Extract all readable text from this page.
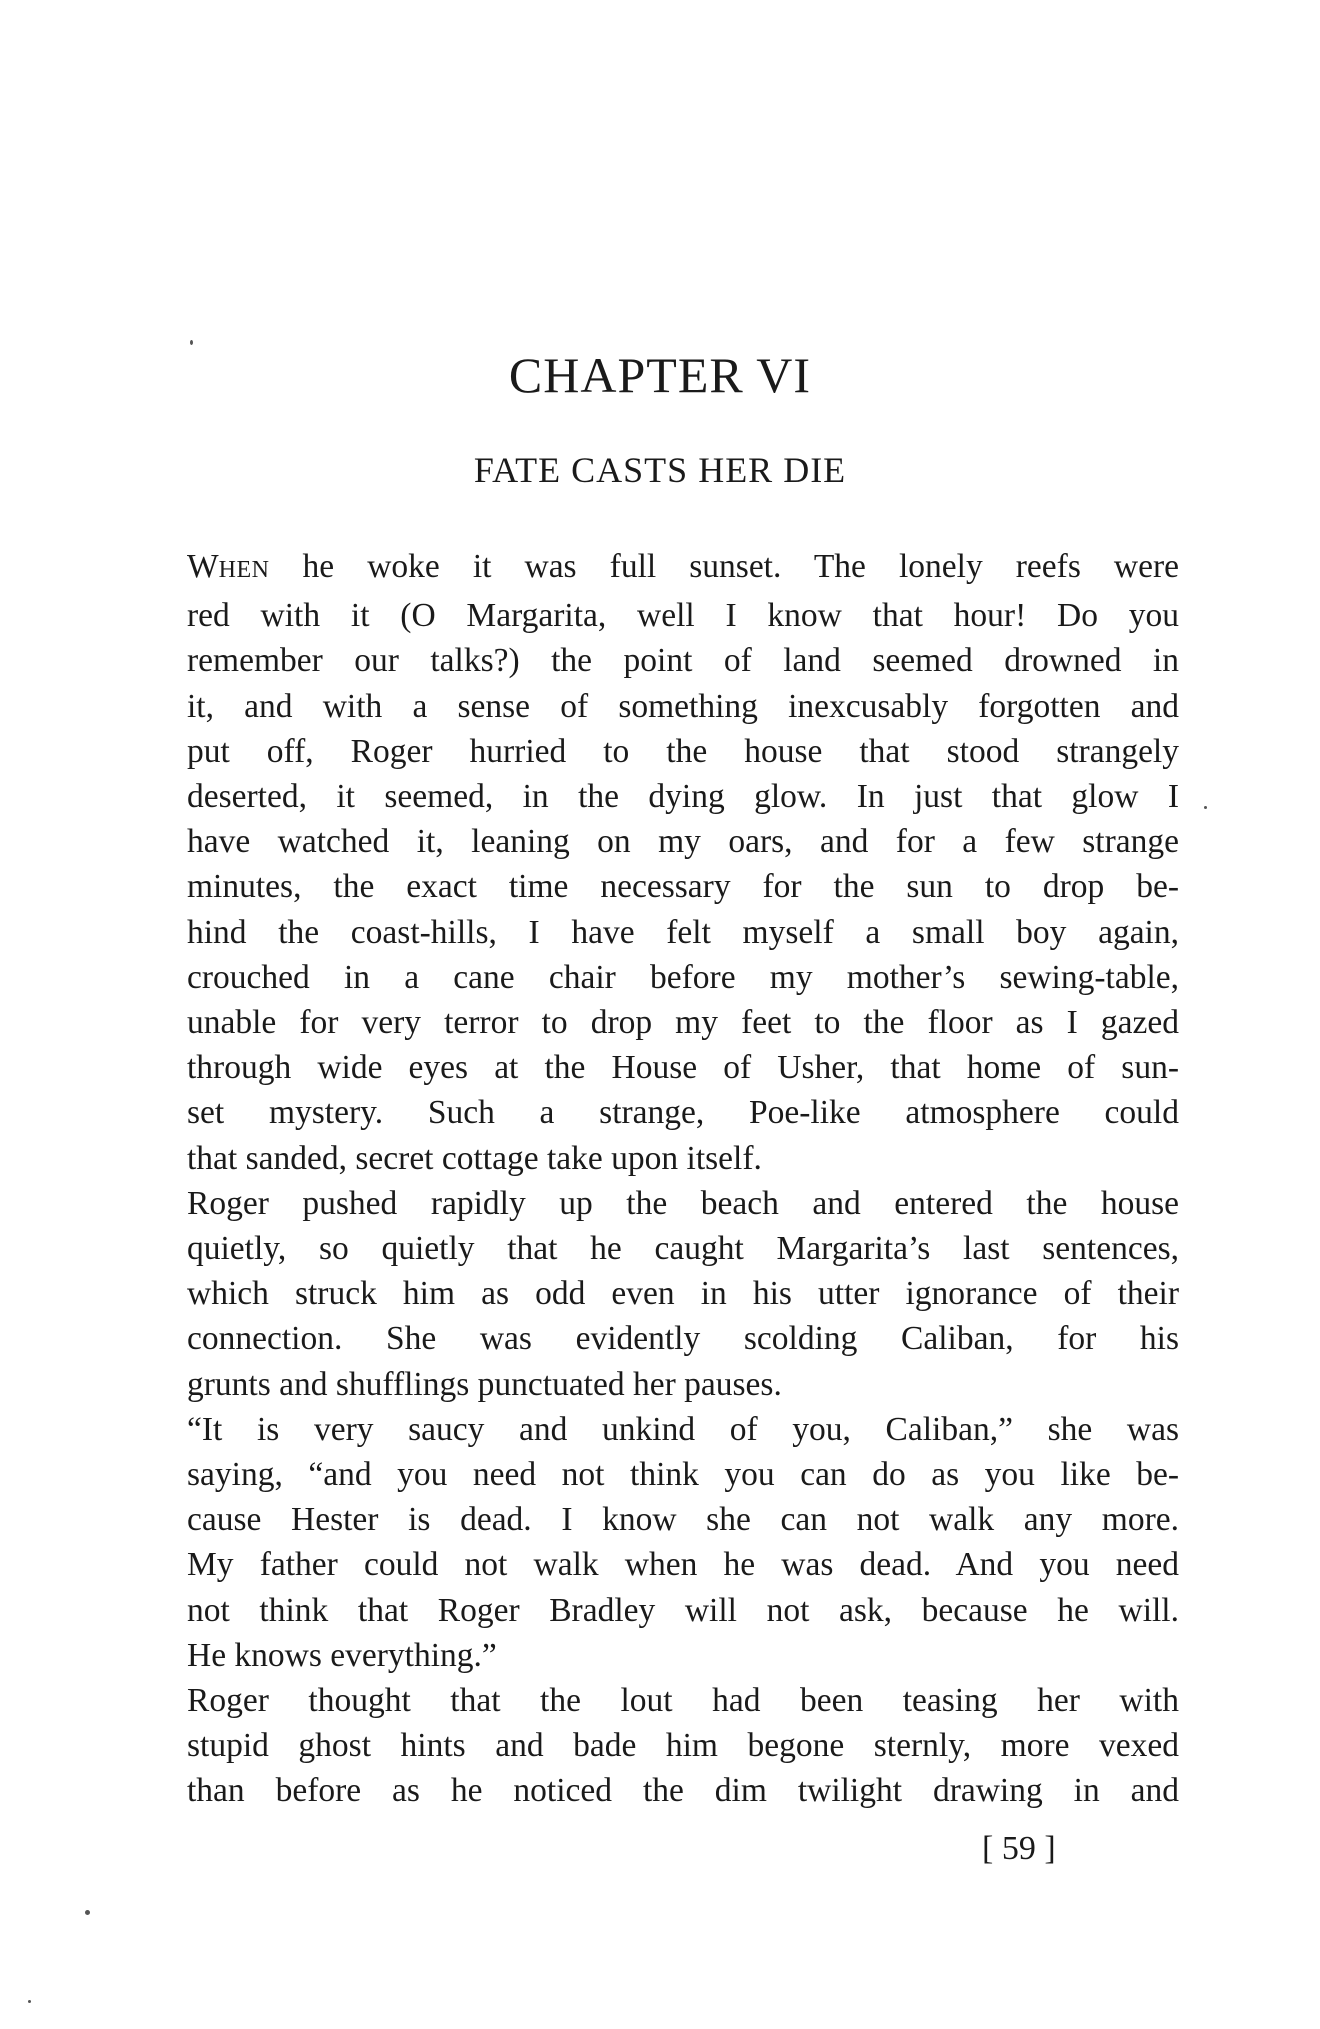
CHAPTER VI
FATE CASTS HER DIE

WHEN he woke it was full sunset. The lonely reefs were
red with it (O Margarita, well I know that hour! Do you
remember our talks?) the point of land seemed drowned in
it, and with a sense of something inexcusably forgotten and
put off, Roger hurried to the house that stood strangely
deserted, it seemed, in the dying glow. In just that glow I
have watched it, leaning on my oars, and for a few strange
minutes, the exact time necessary for the sun to drop be-
hind the coast-hills, I have felt myself a small boy again,
crouched in a cane chair before my mother’s sewing-table,
unable for very terror to drop my feet to the floor as I gazed
through wide eyes at the House of Usher, that home of sun-
set mystery. Such a strange, Poe-like atmosphere could
that sanded, secret cottage take upon itself.

Roger pushed rapidly up the beach and entered the house
quietly, so quietly that he caught Margarita’s last sentences,
which struck him as odd even in his utter ignorance of their
connection. She was evidently scolding Caliban, for his
grunts and shufflings punctuated her pauses.

“It is very saucy and unkind of you, Caliban,” she was
saying, “and you need not think you can do as you like be-
cause Hester is dead. I know she can not walk any more.
My father could not walk when he was dead. And you need
not think that Roger Bradley will not ask, because he will.
He knows everything.”

Roger thought that the lout had been teasing her with
stupid ghost hints and bade him begone sternly, more vexed
than before as he noticed the dim twilight drawing in and

[ 59 ]
